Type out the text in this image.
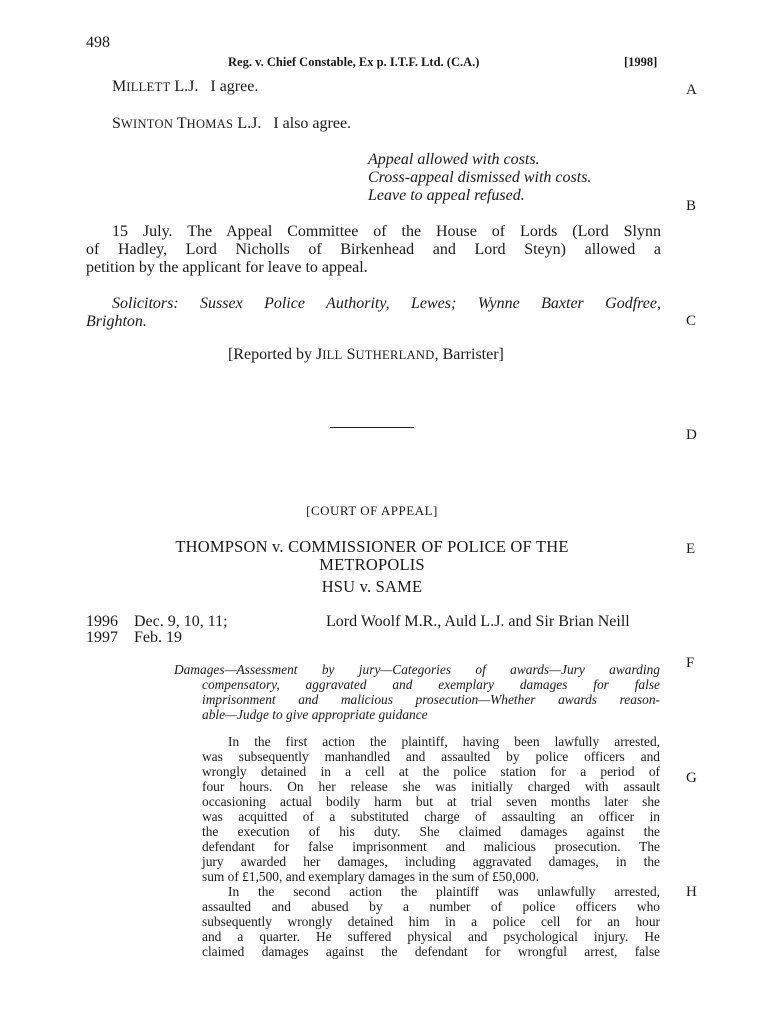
498
Reg. v. Chief Constable, Ex p. I.T.F. Ltd. (C.A.)	[1998]
A
B
C
D
E
F
G
H
MILLETT L.J. I agree.
SWINTON THOMAS L.J. I also agree.
Appeal allowed with costs.
Cross-appeal dismissed with costs.
Leave to appeal refused.
15 July. The Appeal Committee of the House of Lords (Lord Slynn
of Hadley, Lord Nicholls of Birkenhead and Lord Steyn) allowed a
petition by the applicant for leave to appeal.
Solicitors: Sussex Police Authority, Lewes; Wynne Baxter Godfree,
Brighton.
[Reported by JILL SUTHERLAND, Barrister]
[COURT OF APPEAL]
THOMPSON v. COMMISSIONER OF POLICE OF THE
METROPOLIS
HSU v. SAME
1996 Dec. 9, 10, 11;
1997 Feb. 19
Lord Woolf M.R., Auld L.J. and Sir Brian Neill
Damages—Assessment by jury—Categories of awards—Jury awarding
compensatory, aggravated and exemplary damages for false
imprisonment and malicious prosecution—Whether awards reason-
able—Judge to give appropriate guidance
In the first action the plaintiff, having been lawfully arrested,
was subsequently manhandled and assaulted by police officers and
wrongly detained in a cell at the police station for a period of
four hours. On her release she was initially charged with assault
occasioning actual bodily harm but at trial seven months later she
was acquitted of a substituted charge of assaulting an officer in
the execution of his duty. She claimed damages against the
defendant for false imprisonment and malicious prosecution. The
jury awarded her damages, including aggravated damages, in the
sum of £1,500, and exemplary damages in the sum of £50,000.
In the second action the plaintiff was unlawfully arrested,
assaulted and abused by a number of police officers who
subsequently wrongly detained him in a police cell for an hour
and a quarter. He suffered physical and psychological injury. He
claimed damages against the defendant for wrongful arrest, false
